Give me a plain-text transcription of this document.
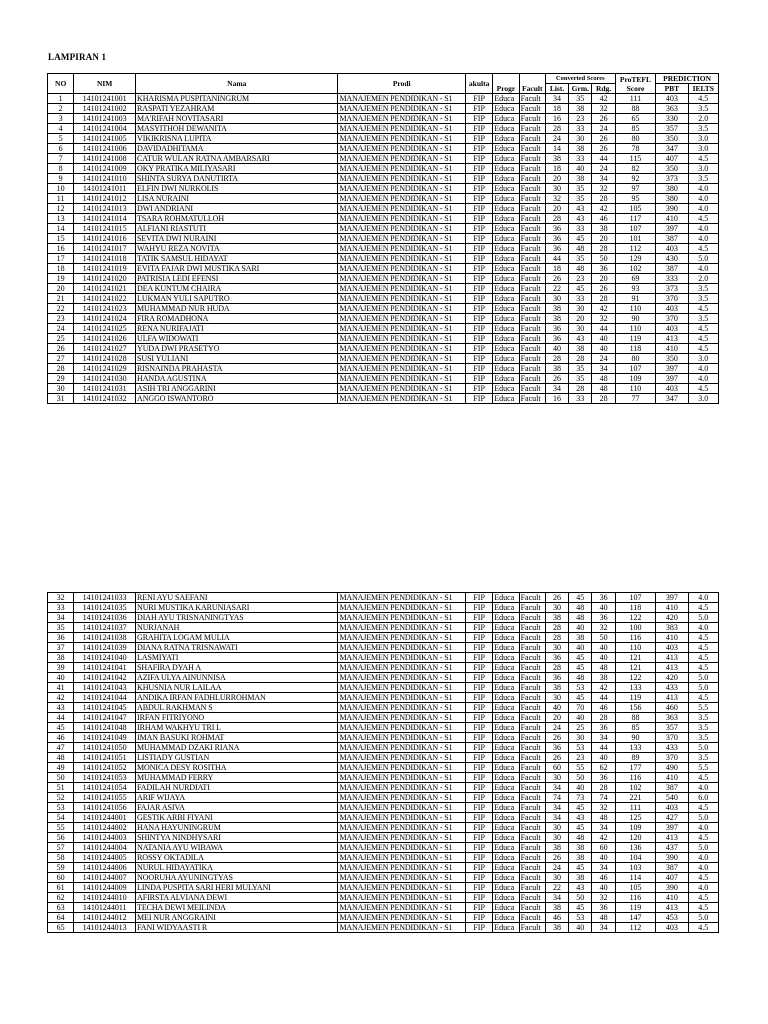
LAMPIRAN 1
NO	NIM	Nama	Prodi	akulta			Converted Scores			ProTEFL Score	PREDICTION	
					Progr	Facult	List.	Grm.	Rdg.		PBT	IELTS
1	14101241001	KHARISMA PUSPITANINGRUM	MANAJEMEN PENDIDIKAN - S1	FIP	Educa	Facult	34	35	42	111	403	4.5
2	14101241002	RASPATI YEZAHRAM	MANAJEMEN PENDIDIKAN - S1	FIP	Educa	Facult	18	38	32	88	363	3.5
3	14101241003	MA'RIFAH NOVITASARI	MANAJEMEN PENDIDIKAN - S1	FIP	Educa	Facult	16	23	26	65	330	2.0
4	14101241004	MASYITHOH DEWANITA	MANAJEMEN PENDIDIKAN - S1	FIP	Educa	Facult	28	33	24	85	357	3.5
5	14101241005	VIKIKRISNA LUPITA	MANAJEMEN PENDIDIKAN - S1	FIP	Educa	Facult	24	30	26	80	350	3.0
6	14101241006	DAVIDADHITAMA	MANAJEMEN PENDIDIKAN - S1	FIP	Educa	Facult	14	38	26	78	347	3.0
7	14101241008	CATUR WULAN RATNA AMBARSARI	MANAJEMEN PENDIDIKAN - S1	FIP	Educa	Facult	38	33	44	115	407	4.5
8	14101241009	OKY PRATIKA MILIYASARI	MANAJEMEN PENDIDIKAN - S1	FIP	Educa	Facult	18	40	24	82	350	3.0
9	14101241010	SHINTA SURYA DANUTIRTA	MANAJEMEN PENDIDIKAN - S1	FIP	Educa	Facult	20	38	34	92	373	3.5
10	14101241011	ELFIN DWI NURKOLIS	MANAJEMEN PENDIDIKAN - S1	FIP	Educa	Facult	30	35	32	97	380	4.0
11	14101241012	LISA NURAINI	MANAJEMEN PENDIDIKAN - S1	FIP	Educa	Facult	32	35	28	95	380	4.0
12	14101241013	DWI ANDRIANI	MANAJEMEN PENDIDIKAN - S1	FIP	Educa	Facult	20	43	42	105	390	4.0
13	14101241014	TSARA ROHMATULLOH	MANAJEMEN PENDIDIKAN - S1	FIP	Educa	Facult	28	43	46	117	410	4.5
14	14101241015	ALFIANI RIASTUTI	MANAJEMEN PENDIDIKAN - S1	FIP	Educa	Facult	36	33	38	107	397	4.0
15	14101241016	SEVITA DWI NURAINI	MANAJEMEN PENDIDIKAN - S1	FIP	Educa	Facult	36	45	20	101	387	4.0
16	14101241017	WAHYU REZA NOVITA	MANAJEMEN PENDIDIKAN - S1	FIP	Educa	Facult	36	48	28	112	403	4.5
17	14101241018	TATIK SAMSUL HIDAYAT	MANAJEMEN PENDIDIKAN - S1	FIP	Educa	Facult	44	35	50	129	430	5.0
18	14101241019	EVITA FAJAR DWI MUSTIKA SARI	MANAJEMEN PENDIDIKAN - S1	FIP	Educa	Facult	18	48	36	102	387	4.0
19	14101241020	PATRISIA LEDI EFENSI	MANAJEMEN PENDIDIKAN - S1	FIP	Educa	Facult	26	23	20	69	333	2.0
20	14101241021	DEA KUNTUM CHAIRA	MANAJEMEN PENDIDIKAN - S1	FIP	Educa	Facult	22	45	26	93	373	3.5
21	14101241022	LUKMAN YULI SAPUTRO	MANAJEMEN PENDIDIKAN - S1	FIP	Educa	Facult	30	33	28	91	370	3.5
22	14101241023	MUHAMMAD NUR HUDA	MANAJEMEN PENDIDIKAN - S1	FIP	Educa	Facult	38	30	42	110	403	4.5
23	14101241024	FIRA ROMADHONA	MANAJEMEN PENDIDIKAN - S1	FIP	Educa	Facult	38	20	32	90	370	3.5
24	14101241025	RENA NURIFAJATI	MANAJEMEN PENDIDIKAN - S1	FIP	Educa	Facult	36	30	44	110	403	4.5
25	14101241026	ULFA WIDOWATI	MANAJEMEN PENDIDIKAN - S1	FIP	Educa	Facult	36	43	40	119	413	4.5
26	14101241027	YUDA DWI PRASETYO	MANAJEMEN PENDIDIKAN - S1	FIP	Educa	Facult	40	38	40	118	410	4.5
27	14101241028	SUSI YULIANI	MANAJEMEN PENDIDIKAN - S1	FIP	Educa	Facult	28	28	24	80	350	3.0
28	14101241029	RISNAINDA PRAHASTA	MANAJEMEN PENDIDIKAN - S1	FIP	Educa	Facult	38	35	34	107	397	4.0
29	14101241030	HANDA AGUSTINA	MANAJEMEN PENDIDIKAN - S1	FIP	Educa	Facult	26	35	48	109	397	4.0
30	14101241031	ASIH TRI ANGGARINI	MANAJEMEN PENDIDIKAN - S1	FIP	Educa	Facult	34	28	48	110	403	4.5
31	14101241032	ANGGO ISWANTORO	MANAJEMEN PENDIDIKAN - S1	FIP	Educa	Facult	16	33	28	77	347	3.0
32	14101241033	RENI AYU SAEFANI	MANAJEMEN PENDIDIKAN - S1	FIP	Educa	Facult	26	45	36	107	397	4.0
33	14101241035	NURI MUSTIKA KARUNIASARI	MANAJEMEN PENDIDIKAN - S1	FIP	Educa	Facult	30	48	40	118	410	4.5
34	14101241036	DIAH AYU TRISNANINGTYAS	MANAJEMEN PENDIDIKAN - S1	FIP	Educa	Facult	38	48	36	122	420	5.0
35	14101241037	NURJANAH	MANAJEMEN PENDIDIKAN - S1	FIP	Educa	Facult	28	40	32	100	383	4.0
36	14101241038	GRAHITA LOGAM MULIA	MANAJEMEN PENDIDIKAN - S1	FIP	Educa	Facult	28	38	50	116	410	4.5
37	14101241039	DIANA RATNA TRISNAWATI	MANAJEMEN PENDIDIKAN - S1	FIP	Educa	Facult	30	40	40	110	403	4.5
38	14101241040	LASMIYATI	MANAJEMEN PENDIDIKAN - S1	FIP	Educa	Facult	36	45	40	121	413	4.5
39	14101241041	SHAFIRA DYAH A	MANAJEMEN PENDIDIKAN - S1	FIP	Educa	Facult	28	45	48	121	413	4.5
40	14101241042	AZIFA ULYA AINUNNISA	MANAJEMEN PENDIDIKAN - S1	FIP	Educa	Facult	36	48	38	122	420	5.0
41	14101241043	KHUSNIA NUR LAILAA	MANAJEMEN PENDIDIKAN - S1	FIP	Educa	Facult	38	53	42	133	433	5.0
42	14101241044	ANDIKA IRFAN FADHLURROHMAN	MANAJEMEN PENDIDIKAN - S1	FIP	Educa	Facult	30	45	44	119	413	4.5
43	14101241045	ABDUL RAKHMAN S	MANAJEMEN PENDIDIKAN - S1	FIP	Educa	Facult	40	70	46	156	460	5.5
44	14101241047	IRFAN FITRIYONO	MANAJEMEN PENDIDIKAN - S1	FIP	Educa	Facult	20	40	28	88	363	3.5
45	14101241048	IRHAM WAKHYU TRI L	MANAJEMEN PENDIDIKAN - S1	FIP	Educa	Facult	24	25	36	85	357	3.5
46	14101241049	IMAN BASUKI ROHMAT	MANAJEMEN PENDIDIKAN - S1	FIP	Educa	Facult	26	30	34	90	370	3.5
47	14101241050	MUHAMMAD DZAKI RIANA	MANAJEMEN PENDIDIKAN - S1	FIP	Educa	Facult	36	53	44	133	433	5.0
48	14101241051	LISTIADY GUSTIAN	MANAJEMEN PENDIDIKAN - S1	FIP	Educa	Facult	26	23	40	89	370	3.5
49	14101241052	MONICA DESY ROSITHA	MANAJEMEN PENDIDIKAN - S1	FIP	Educa	Facult	60	55	62	177	490	5.5
50	14101241053	MUHAMMAD FERRY	MANAJEMEN PENDIDIKAN - S1	FIP	Educa	Facult	30	50	36	116	410	4.5
51	14101241054	FADILAH NURDIATI	MANAJEMEN PENDIDIKAN - S1	FIP	Educa	Facult	34	40	28	102	387	4.0
52	14101241055	ARIF WIJAYA	MANAJEMEN PENDIDIKAN - S1	FIP	Educa	Facult	74	73	74	221	540	6.0
53	14101241056	FAJAR ASIVA	MANAJEMEN PENDIDIKAN - S1	FIP	Educa	Facult	34	45	32	111	403	4.5
54	14101244001	GESTIK ARBI FIYANI	MANAJEMEN PENDIDIKAN - S1	FIP	Educa	Facult	34	43	48	125	427	5.0
55	14101244002	HANA HAYUNINGRUM	MANAJEMEN PENDIDIKAN - S1	FIP	Educa	Facult	30	45	34	109	397	4.0
56	14101244003	SHINTYA NINDHYSARI	MANAJEMEN PENDIDIKAN - S1	FIP	Educa	Facult	30	48	42	120	413	4.5
57	14101244004	NATANIA AYU WIBAWA	MANAJEMEN PENDIDIKAN - S1	FIP	Educa	Facult	38	38	60	136	437	5.0
58	14101244005	ROSSY OKTADILA	MANAJEMEN PENDIDIKAN - S1	FIP	Educa	Facult	26	38	40	104	390	4.0
59	14101244006	NURUL HIDAYATIKA	MANAJEMEN PENDIDIKAN - S1	FIP	Educa	Facult	24	45	34	103	387	4.0
60	14101244007	NOORUHA AYUNINGTYAS	MANAJEMEN PENDIDIKAN - S1	FIP	Educa	Facult	30	38	46	114	407	4.5
61	14101244009	LINDA PUSPITA SARI HERI MULYANI	MANAJEMEN PENDIDIKAN - S1	FIP	Educa	Facult	22	43	40	105	390	4.0
62	14101244010	AFIRSTA ALVIANA DEWI	MANAJEMEN PENDIDIKAN - S1	FIP	Educa	Facult	34	50	32	116	410	4.5
63	14101244011	TECHA DEWI MEILINDA	MANAJEMEN PENDIDIKAN - S1	FIP	Educa	Facult	38	45	36	119	413	4.5
64	14101244012	MEI NUR ANGGRAINI	MANAJEMEN PENDIDIKAN - S1	FIP	Educa	Facult	46	53	48	147	453	5.0
65	14101244013	FANI WIDYAASTI R	MANAJEMEN PENDIDIKAN - S1	FIP	Educa	Facult	38	40	34	112	403	4.5
